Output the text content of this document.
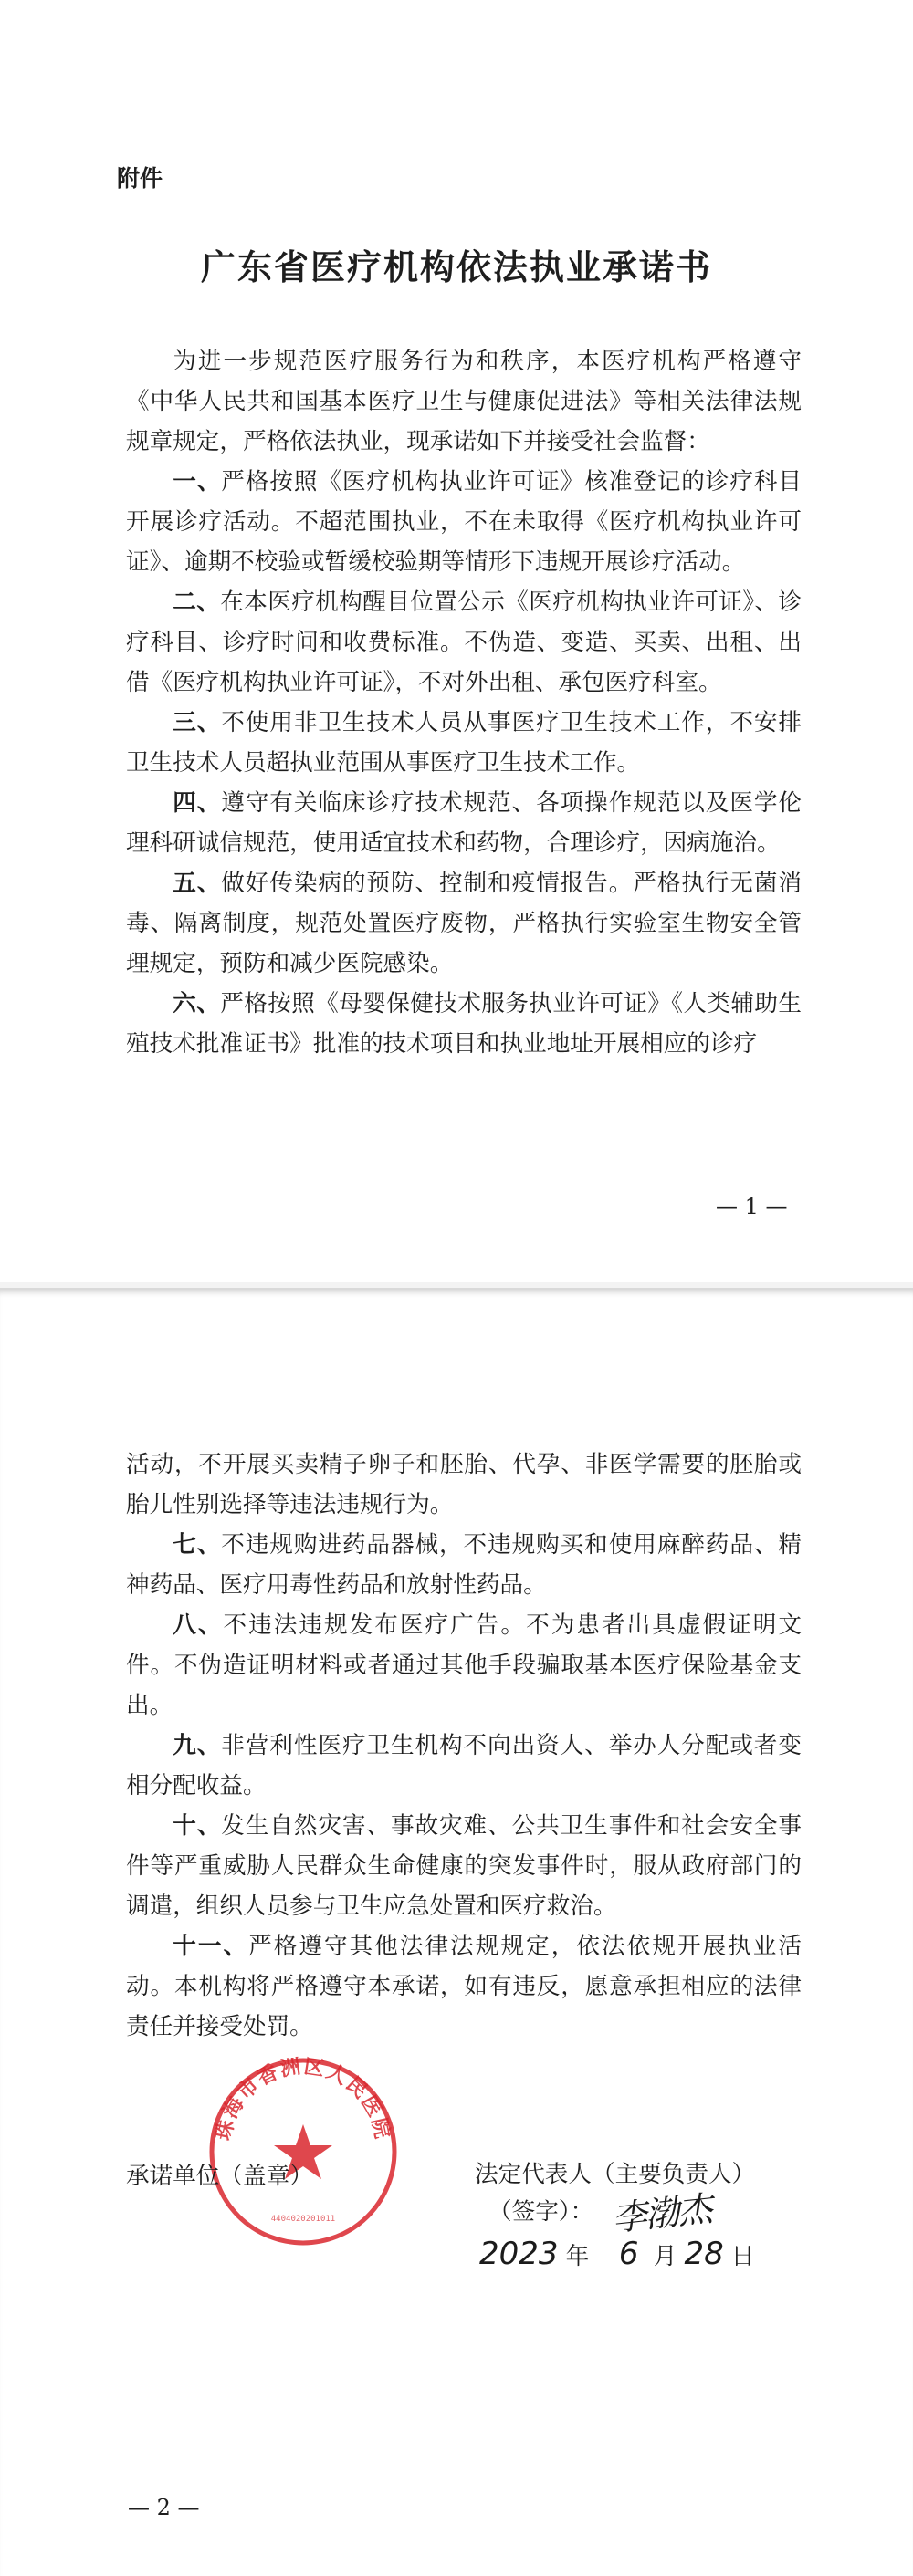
附件
广东省医疗机构依法执业承诺书

为进一步规范医疗服务行为和秩序，本医疗机构严格遵守《中华人民共和国基本医疗卫生与健康促进法》等相关法律法规规章规定，严格依法执业，现承诺如下并接受社会监督：

一、严格按照《医疗机构执业许可证》核准登记的诊疗科目开展诊疗活动。不超范围执业，不在未取得《医疗机构执业许可证》、逾期不校验或暂缓校验期等情形下违规开展诊疗活动。

二、在本医疗机构醒目位置公示《医疗机构执业许可证》、诊疗科目、诊疗时间和收费标准。不伪造、变造、买卖、出租、出借《医疗机构执业许可证》，不对外出租、承包医疗科室。

三、不使用非卫生技术人员从事医疗卫生技术工作，不安排卫生技术人员超执业范围从事医疗卫生技术工作。

四、遵守有关临床诊疗技术规范、各项操作规范以及医学伦理科研诚信规范，使用适宜技术和药物，合理诊疗，因病施治。

五、做好传染病的预防、控制和疫情报告。严格执行无菌消毒、隔离制度，规范处置医疗废物，严格执行实验室生物安全管理规定，预防和减少医院感染。

六、严格按照《母婴保健技术服务执业许可证》《人类辅助生殖技术批准证书》批准的技术项目和执业地址开展相应的诊疗

— 1 —

活动，不开展买卖精子卵子和胚胎、代孕、非医学需要的胚胎或胎儿性别选择等违法违规行为。

七、不违规购进药品器械，不违规购买和使用麻醉药品、精神药品、医疗用毒性药品和放射性药品。

八、不违法违规发布医疗广告。不为患者出具虚假证明文件。不伪造证明材料或者通过其他手段骗取基本医疗保险基金支出。

九、非营利性医疗卫生机构不向出资人、举办人分配或者变相分配收益。

十、发生自然灾害、事故灾难、公共卫生事件和社会安全事件等严重威胁人民群众生命健康的突发事件时，服从政府部门的调遣，组织人员参与卫生应急处置和医疗救治。

十一、严格遵守其他法律法规规定，依法依规开展执业活动。本机构将严格遵守本承诺，如有违反，愿意承担相应的法律责任并接受处罚。

珠海市香洲区人民医院
4404020201011
承诺单位（盖章）	法定代表人（主要负责人）
（签字）： 李渤杰
2023 年 6 月 28 日
— 2 —
